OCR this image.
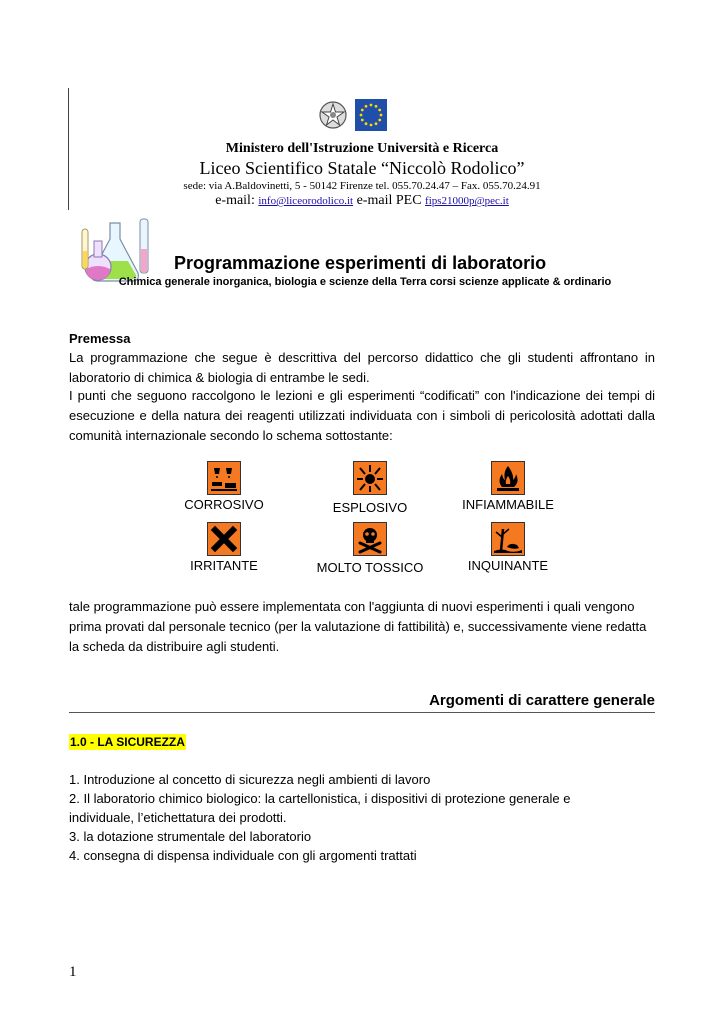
Ministero dell'Istruzione Università e Ricerca
Liceo Scientifico Statale “Niccolò Rodolico”
sede: via A.Baldovinetti, 5 - 50142 Firenze tel. 055.70.24.47 – Fax. 055.70.24.91
e-mail: info@liceorodolico.it e-mail PEC fips21000p@pec.it
Programmazione esperimenti di laboratorio
Chimica generale inorganica, biologia e scienze della Terra corsi scienze applicate & ordinario
Premessa
La programmazione che segue è descrittiva del percorso didattico che gli studenti affrontano in laboratorio di chimica & biologia di entrambe le sedi.
I punti che seguono raccolgono le lezioni e gli esperimenti “codificati” con l'indicazione dei tempi di esecuzione e della natura dei reagenti utilizzati individuata con i simboli di pericolosità adottati dalla comunità internazionale secondo lo schema sottostante:
CORROSIVO	ESPLOSIVO	INFIAMMABILE
IRRITANTE	MOLTO TOSSICO	INQUINANTE
tale programmazione può essere implementata con l'aggiunta di nuovi esperimenti i quali vengono prima provati dal personale tecnico (per la valutazione di fattibilità) e, successivamente viene redatta la scheda da distribuire agli studenti.
Argomenti di carattere generale
1.0 - LA SICUREZZA
1. Introduzione al concetto di sicurezza negli ambienti di lavoro
2. Il laboratorio chimico biologico: la cartellonistica, i dispositivi di protezione generale e individuale, l’etichettatura dei prodotti.
3. la dotazione strumentale del laboratorio
4. consegna di dispensa individuale con gli argomenti trattati
1
